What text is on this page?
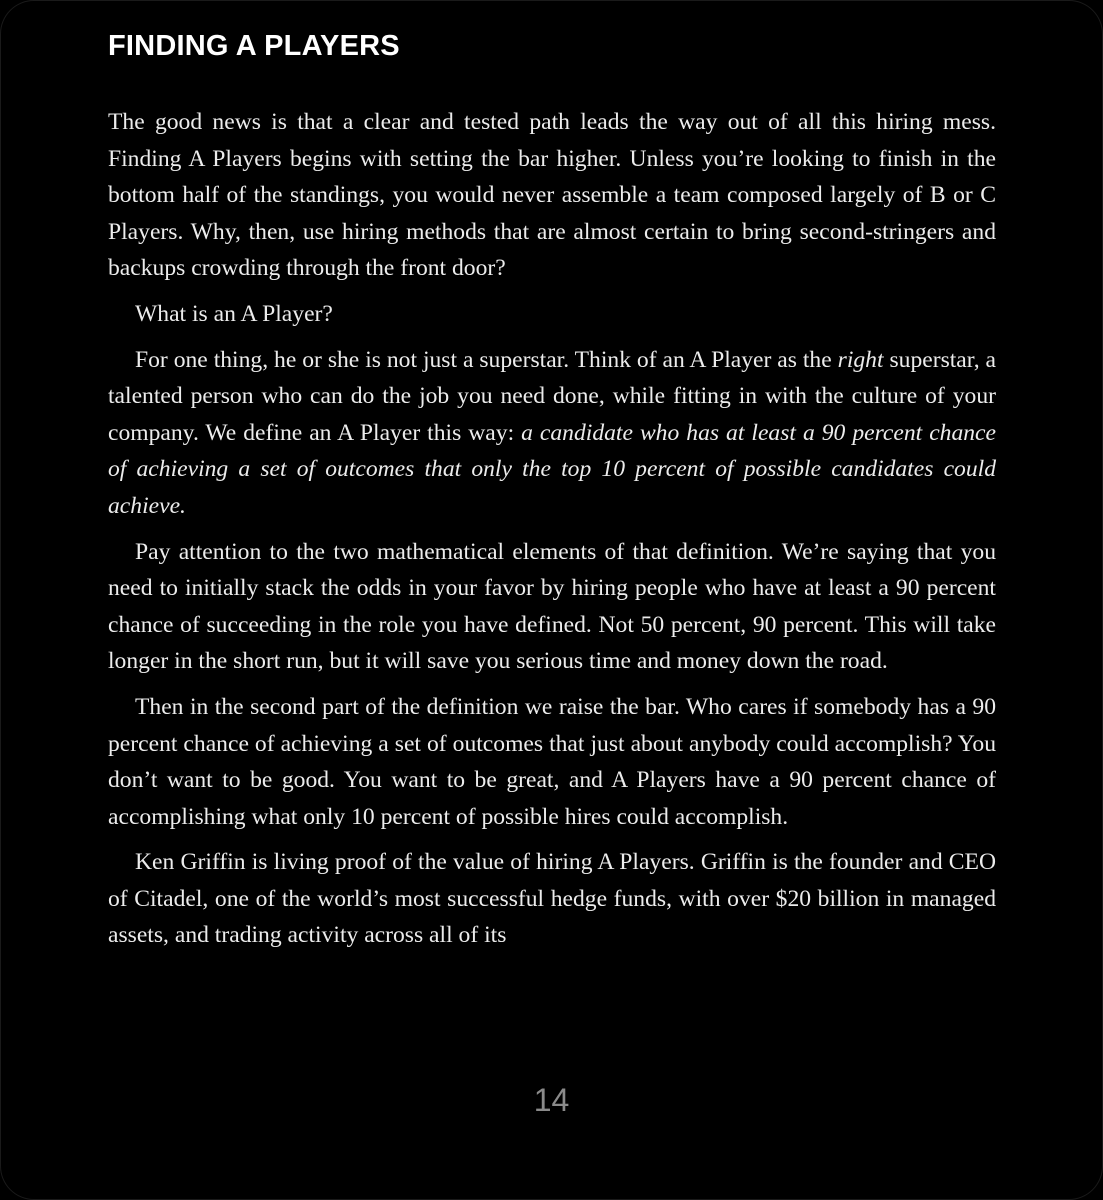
FINDING A PLAYERS

The good news is that a clear and tested path leads the way out of all this hiring mess. Finding A Players begins with setting the bar higher. Unless you’re looking to finish in the bottom half of the standings, you would never assemble a team composed largely of B or C Players. Why, then, use hiring methods that are almost certain to bring second-stringers and backups crowding through the front door?

What is an A Player?

For one thing, he or she is not just a superstar. Think of an A Player as the right superstar, a talented person who can do the job you need done, while fitting in with the culture of your company. We define an A Player this way: a candidate who has at least a 90 percent chance of achieving a set of outcomes that only the top 10 percent of possible candidates could achieve.

Pay attention to the two mathematical elements of that definition. We’re saying that you need to initially stack the odds in your favor by hiring people who have at least a 90 percent chance of succeeding in the role you have defined. Not 50 percent, 90 percent. This will take longer in the short run, but it will save you serious time and money down the road.

Then in the second part of the definition we raise the bar. Who cares if somebody has a 90 percent chance of achieving a set of outcomes that just about anybody could accomplish? You don’t want to be good. You want to be great, and A Players have a 90 percent chance of accomplishing what only 10 percent of possible hires could accomplish.

Ken Griffin is living proof of the value of hiring A Players. Griffin is the founder and CEO of Citadel, one of the world’s most successful hedge funds, with over $20 billion in managed assets, and trading activity across all of its

14
